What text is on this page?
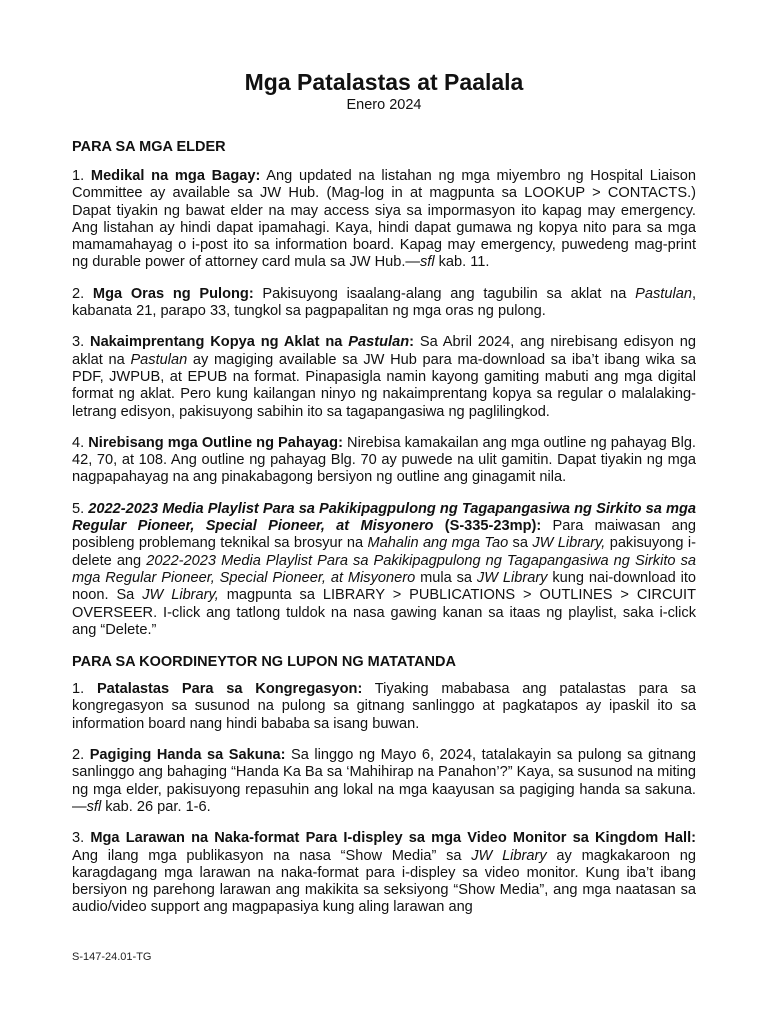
Mga Patalastas at Paalala
Enero 2024
PARA SA MGA ELDER

1. Medikal na mga Bagay: Ang updated na listahan ng mga miyembro ng Hospital Liaison Committee ay available sa JW Hub. (Mag-log in at magpunta sa LOOKUP > CONTACTS.) Dapat tiyakin ng bawat elder na may access siya sa impormasyon ito kapag may emergency. Ang listahan ay hindi dapat ipamahagi. Kaya, hindi dapat gumawa ng kopya nito para sa mga mamamahayag o i-post ito sa information board. Kapag may emergency, puwedeng mag-print ng durable power of attorney card mula sa JW Hub.—sfl kab. 11.

2. Mga Oras ng Pulong: Pakisuyong isaalang-alang ang tagubilin sa aklat na Pastulan, kabanata 21, parapo 33, tungkol sa pagpapalitan ng mga oras ng pulong.

3. Nakaimprentang Kopya ng Aklat na Pastulan: Sa Abril 2024, ang nirebisang edisyon ng aklat na Pastulan ay magiging available sa JW Hub para ma-download sa iba’t ibang wika sa PDF, JWPUB, at EPUB na format. Pinapasigla namin kayong gamiting mabuti ang mga digital format ng aklat. Pero kung kailangan ninyo ng nakaimprentang kopya sa regular o malalaking-letrang edisyon, pakisuyong sabihin ito sa tagapangasiwa ng paglilingkod.

4. Nirebisang mga Outline ng Pahayag: Nirebisa kamakailan ang mga outline ng pahayag Blg. 42, 70, at 108. Ang outline ng pahayag Blg. 70 ay puwede na ulit gamitin. Dapat tiyakin ng mga nagpapahayag na ang pinakabagong bersiyon ng outline ang ginagamit nila.

5. 2022-2023 Media Playlist Para sa Pakikipagpulong ng Tagapangasiwa ng Sirkito sa mga Regular Pioneer, Special Pioneer, at Misyonero (S-335-23mp): Para maiwasan ang posibleng problemang teknikal sa brosyur na Mahalin ang mga Tao sa JW Library, pakisuyong i-delete ang 2022-2023 Media Playlist Para sa Pakikipagpulong ng Tagapangasiwa ng Sirkito sa mga Regular Pioneer, Special Pioneer, at Misyonero mula sa JW Library kung nai-download ito noon. Sa JW Library, magpunta sa LIBRARY > PUBLICATIONS > OUTLINES > CIRCUIT OVERSEER. I-click ang tatlong tuldok na nasa gawing kanan sa itaas ng playlist, saka i-click ang “Delete.”

PARA SA KOORDINEYTOR NG LUPON NG MATATANDA

1. Patalastas Para sa Kongregasyon: Tiyaking mababasa ang patalastas para sa kongregasyon sa susunod na pulong sa gitnang sanlinggo at pagkatapos ay ipaskil ito sa information board nang hindi bababa sa isang buwan.

2. Pagiging Handa sa Sakuna: Sa linggo ng Mayo 6, 2024, tatalakayin sa pulong sa gitnang sanlinggo ang bahaging “Handa Ka Ba sa ‘Mahihirap na Panahon’?” Kaya, sa susunod na miting ng mga elder, pakisuyong repasuhin ang lokal na mga kaayusan sa pagiging handa sa sakuna.—sfl kab. 26 par. 1-6.

3. Mga Larawan na Naka-format Para I-displey sa mga Video Monitor sa Kingdom Hall: Ang ilang mga publikasyon na nasa “Show Media” sa JW Library ay magkakaroon ng karagdagang mga larawan na naka-format para i-displey sa video monitor. Kung iba’t ibang bersiyon ng parehong larawan ang makikita sa seksiyong “Show Media”, ang mga naatasan sa audio/video support ang magpapasiya kung aling larawan ang

S-147-24.01-TG
